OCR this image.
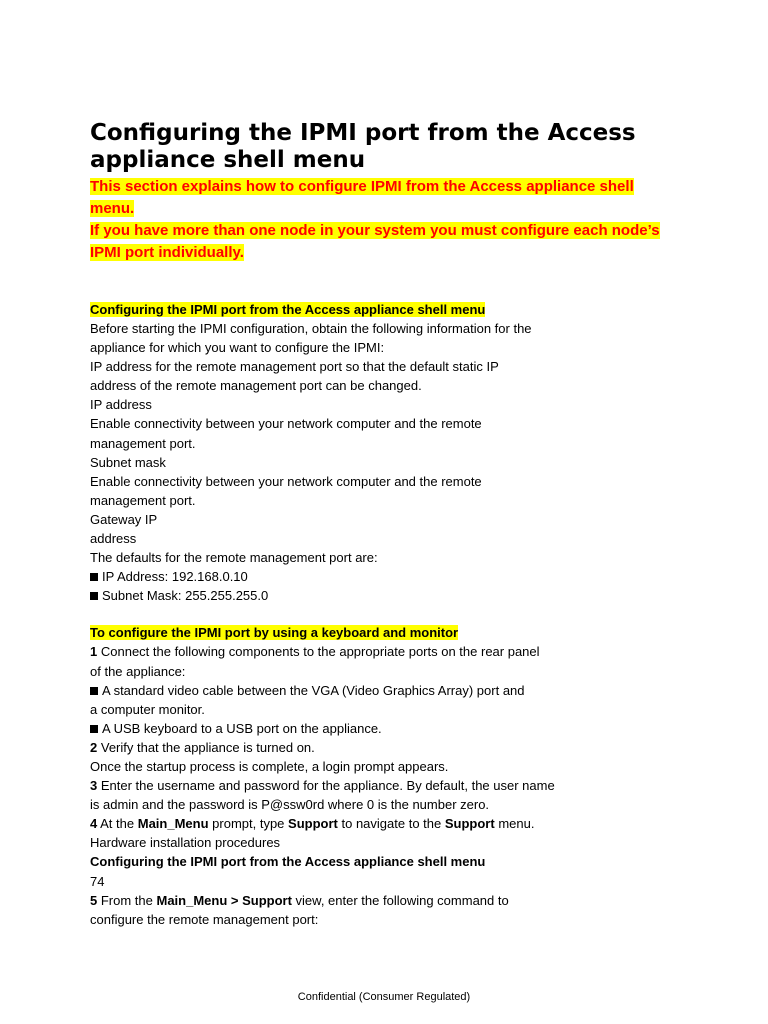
Configuring the IPMI port from the Access appliance shell menu
This section explains how to configure IPMI from the Access appliance shell
menu.
If you have more than one node in your system you must configure each node’s
IPMI port individually.
Configuring the IPMI port from the Access appliance shell menu
Before starting the IPMI configuration, obtain the following information for the
appliance for which you want to configure the IPMI:
IP address for the remote management port so that the default static IP
address of the remote management port can be changed.
IP address
Enable connectivity between your network computer and the remote
management port.
Subnet mask
Enable connectivity between your network computer and the remote
management port.
Gateway IP
address
The defaults for the remote management port are:
IP Address: 192.168.0.10
Subnet Mask: 255.255.255.0
To configure the IPMI port by using a keyboard and monitor
1 Connect the following components to the appropriate ports on the rear panel
of the appliance:
A standard video cable between the VGA (Video Graphics Array) port and
a computer monitor.
A USB keyboard to a USB port on the appliance.
2 Verify that the appliance is turned on.
Once the startup process is complete, a login prompt appears.
3 Enter the username and password for the appliance. By default, the user name
is admin and the password is P@ssw0rd where 0 is the number zero.
4 At the Main_Menu prompt, type Support to navigate to the Support menu.
Hardware installation procedures
Configuring the IPMI port from the Access appliance shell menu
74
5 From the Main_Menu > Support view, enter the following command to
configure the remote management port:
Confidential (Consumer Regulated)
